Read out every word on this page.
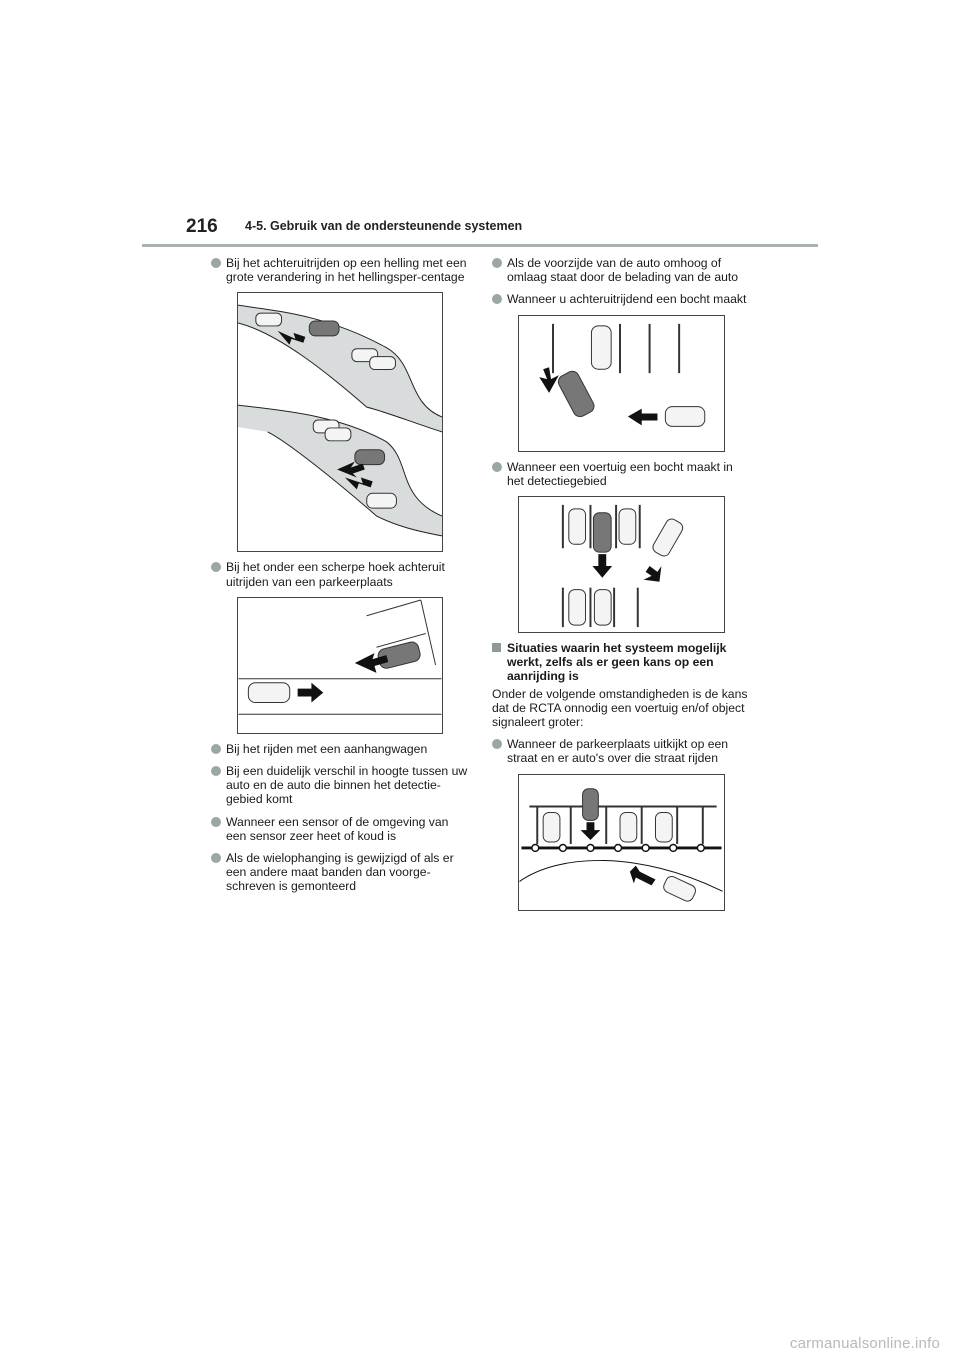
216 4-5. Gebruik van de ondersteunende systemen
Bij het achteruitrijden op een helling met een grote verandering in het hellingsper-centage
Bij het onder een scherpe hoek achteruit uitrijden van een parkeerplaats
Bij het rijden met een aanhangwagen
Bij een duidelijk verschil in hoogte tussen uw auto en de auto die binnen het detectie-gebied komt
Wanneer een sensor of de omgeving van een sensor zeer heet of koud is
Als de wielophanging is gewijzigd of als er een andere maat banden dan voorge-schreven is gemonteerd
Als de voorzijde van de auto omhoog of omlaag staat door de belading van de auto
Wanneer u achteruitrijdend een bocht maakt
Wanneer een voertuig een bocht maakt in het detectiegebied
Situaties waarin het systeem mogelijk werkt, zelfs als er geen kans op een aanrijding is
Onder de volgende omstandigheden is de kans dat de RCTA onnodig een voertuig en/of object signaleert groter:
Wanneer de parkeerplaats uitkijkt op een straat en er auto's over die straat rijden
carmanualsonline.info
